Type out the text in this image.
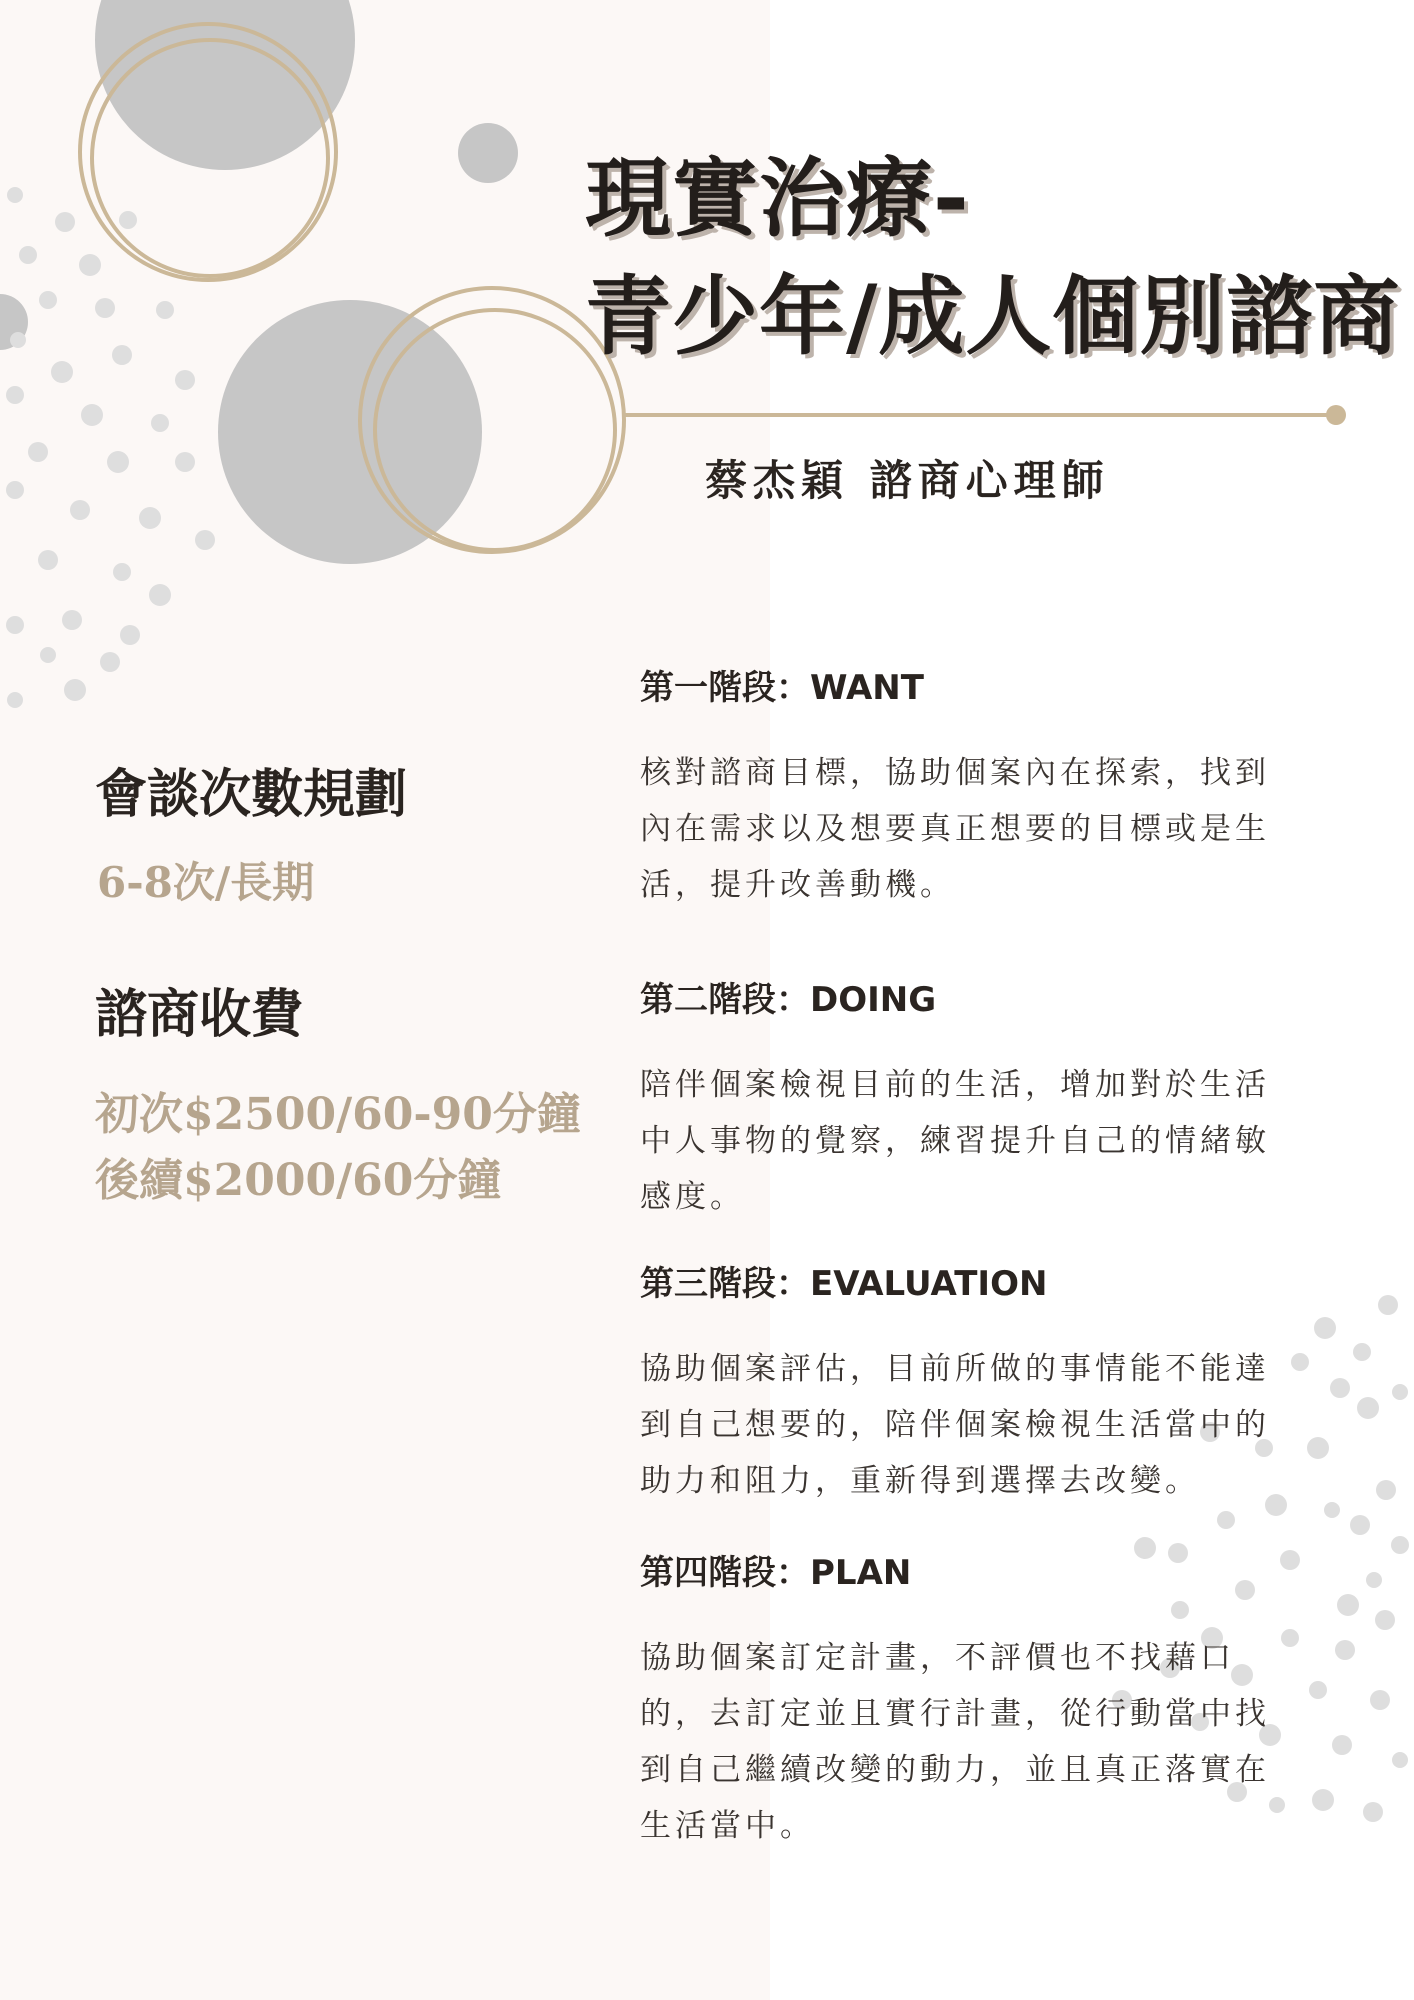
現實治療-
青少年/成人個別諮商
蔡杰穎 諮商心理師
會談次數規劃
6-8次/長期
諮商收費
初次$2500/60-90分鐘
後續$2000/60分鐘
第一階段：WANT
核對諮商目標，協助個案內在探索，找到
內在需求以及想要真正想要的目標或是生
活，提升改善動機。
第二階段：DOING
陪伴個案檢視目前的生活，增加對於生活
中人事物的覺察，練習提升自己的情緒敏
感度。
第三階段：EVALUATION
協助個案評估，目前所做的事情能不能達
到自己想要的，陪伴個案檢視生活當中的
助力和阻力，重新得到選擇去改變。
第四階段：PLAN
協助個案訂定計畫，不評價也不找藉口
的，去訂定並且實行計畫，從行動當中找
到自己繼續改變的動力，並且真正落實在
生活當中。
